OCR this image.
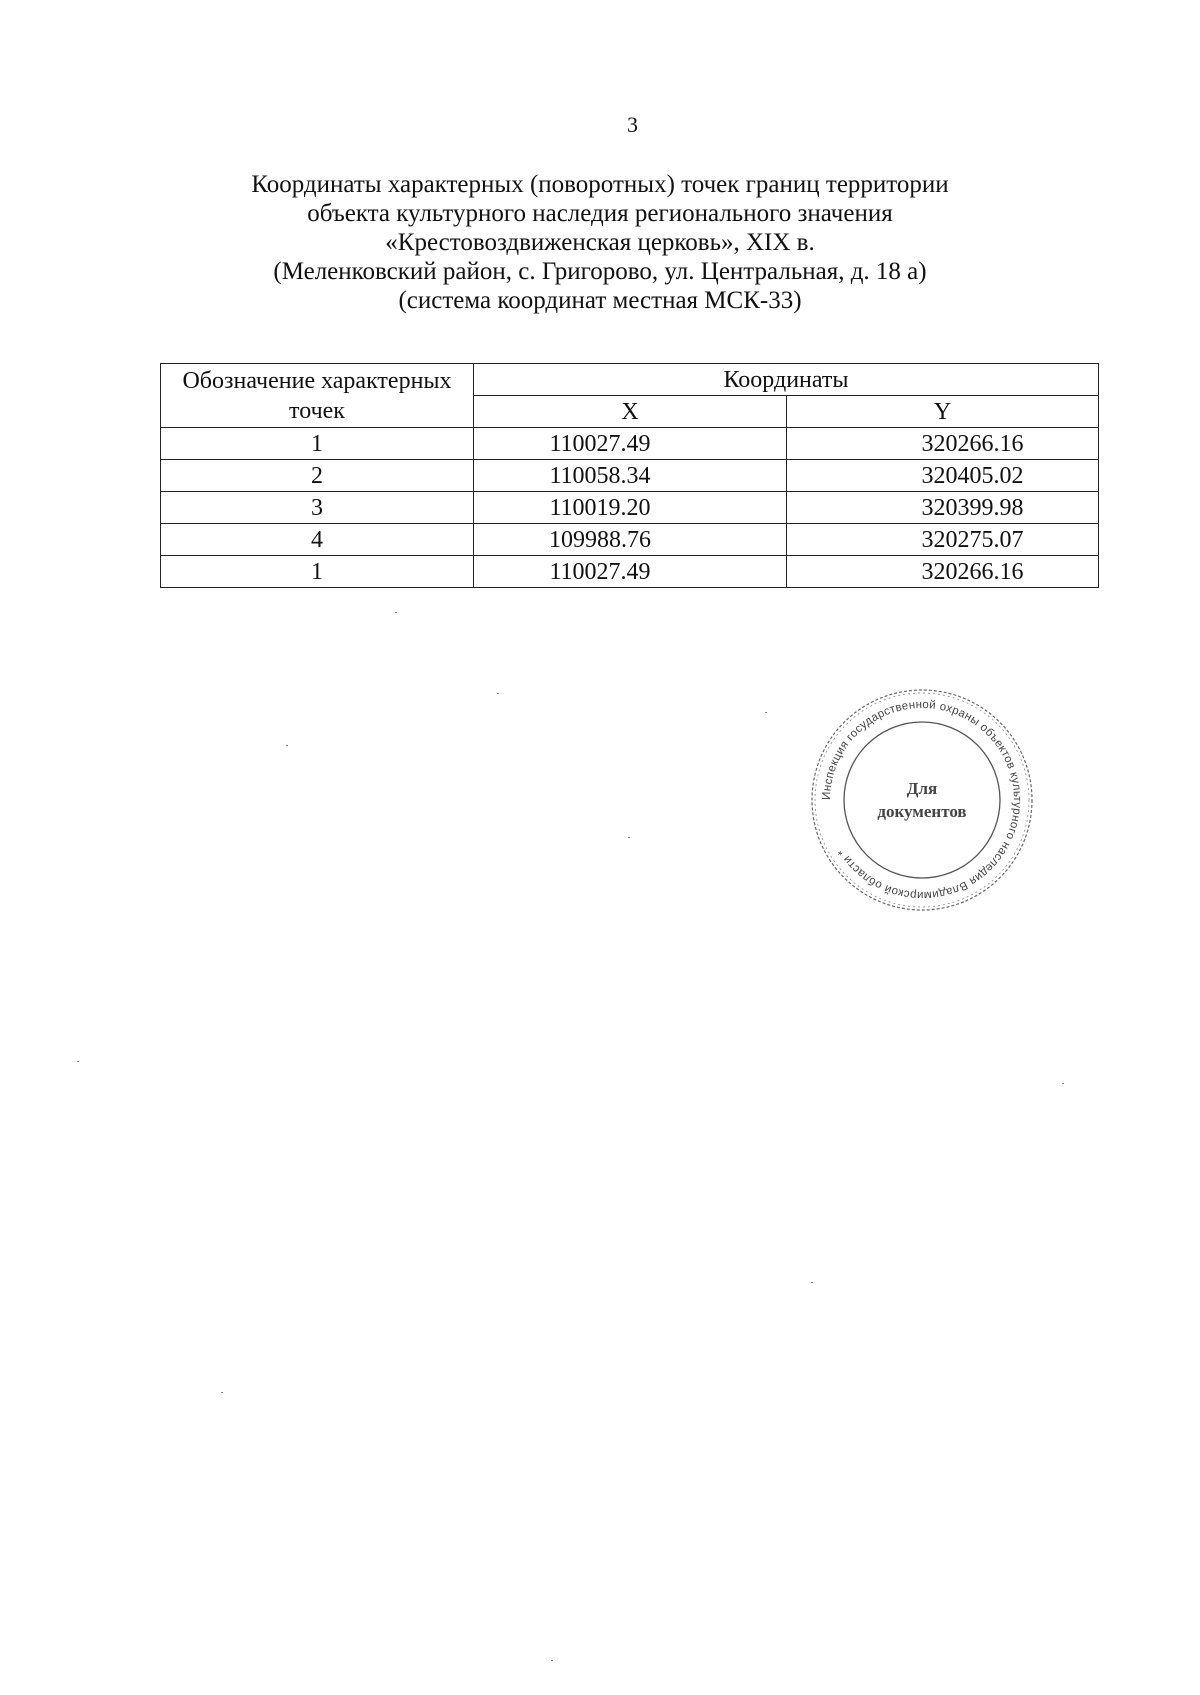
3
Координаты характерных (поворотных) точек границ территории
объекта культурного наследия регионального значения
«Крестовоздвиженская церковь», XIX в.
(Меленковский район, с. Григорово, ул. Центральная, д. 18 а)
(система координат местная МСК-33)
Обозначение характерных точек	Координаты	
	X	Y
1	110027.49	320266.16
2	110058.34	320405.02
3	110019.20	320399.98
4	109988.76	320275.07
1	110027.49	320266.16
Инспекция государственной охраны объектов культурного наследия Владимирской области *
Для
документов
